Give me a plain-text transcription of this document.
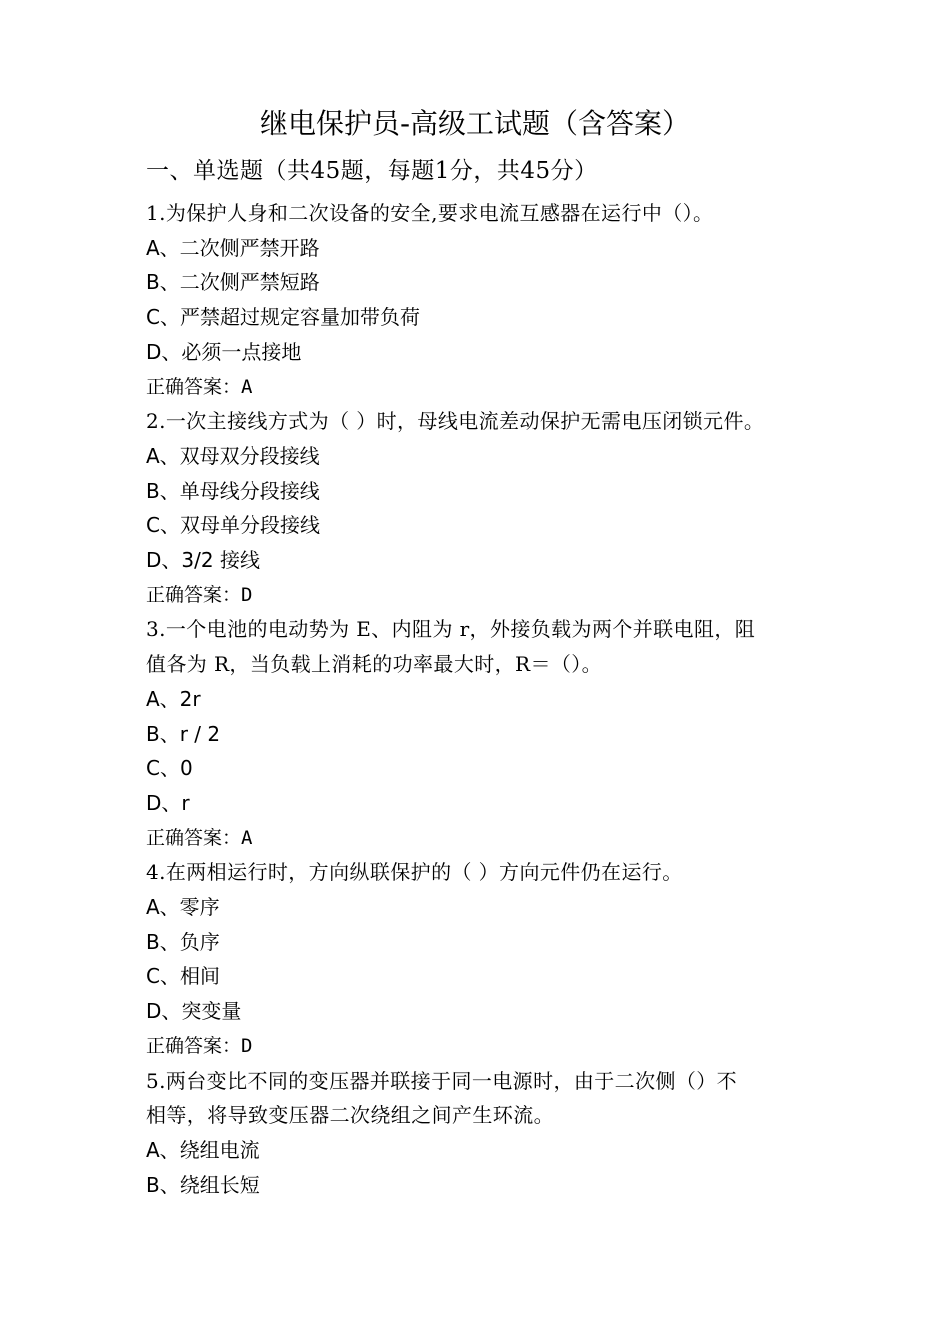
继电保护员-高级工试题（含答案）
一、单选题（共45题，每题1分，共45分）
1.为保护人身和二次设备的安全,要求电流互感器在运行中（）。
A、二次侧严禁开路
B、二次侧严禁短路
C、严禁超过规定容量加带负荷
D、必须一点接地
正确答案：A
2.一次主接线方式为（ ）时，母线电流差动保护无需电压闭锁元件。
A、双母双分段接线
B、单母线分段接线
C、双母单分段接线
D、3/2 接线
正确答案：D
3.一个电池的电动势为 E、内阻为 r，外接负载为两个并联电阻，阻
值各为 R，当负载上消耗的功率最大时，R＝（）。
A、2r
B、r / 2
C、0
D、r
正确答案：A
4.在两相运行时，方向纵联保护的（ ）方向元件仍在运行。
A、零序
B、负序
C、相间
D、突变量
正确答案：D
5.两台变比不同的变压器并联接于同一电源时，由于二次侧（）不
相等，将导致变压器二次绕组之间产生环流。
A、绕组电流
B、绕组长短
